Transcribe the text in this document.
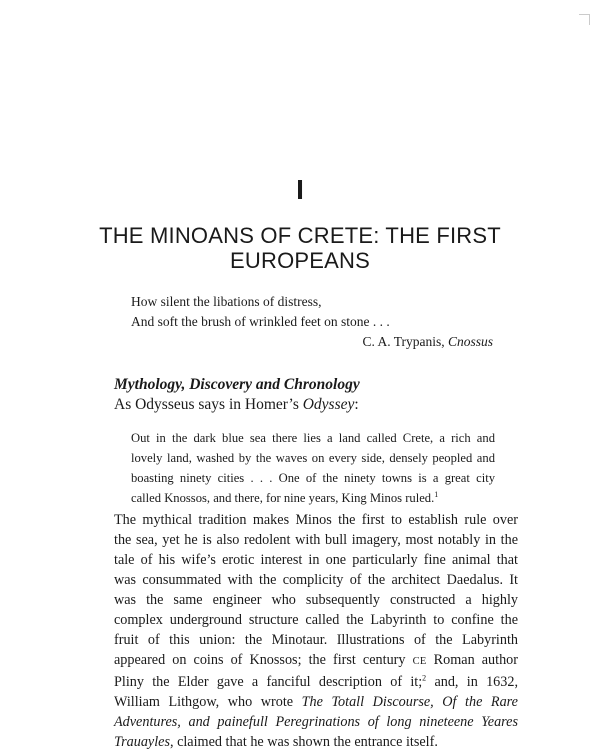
I
THE MINOANS OF CRETE: THE FIRST EUROPEANS
How silent the libations of distress,
And soft the brush of wrinkled feet on stone . . .
C. A. Trypanis, Cnossus
Mythology, Discovery and Chronology
As Odysseus says in Homer’s Odyssey:
Out in the dark blue sea there lies a land called Crete, a rich and
lovely land, washed by the waves on every side, densely peopled and
boasting ninety cities . . . One of the ninety towns is a great city
called Knossos, and there, for nine years, King Minos ruled.$^1$
The mythical tradition makes Minos the first to establish rule over
the sea, yet he is also redolent with bull imagery, most notably in the
tale of his wife’s erotic interest in one particularly fine animal that
was consummated with the complicity of the architect Daedalus. It
was the same engineer who subsequently constructed a highly
complex underground structure called the Labyrinth to confine the
fruit of this union: the Minotaur. Illustrations of the Labyrinth
appeared on coins of Knossos; the first century CE Roman author
Pliny the Elder gave a fanciful description of it;$^2$ and, in 1632,
William Lithgow, who wrote The Totall Discourse, Of the Rare
Adventures, and painefull Peregrinations of long nineteene Yeares
Trauayles, claimed that he was shown the entrance itself.
